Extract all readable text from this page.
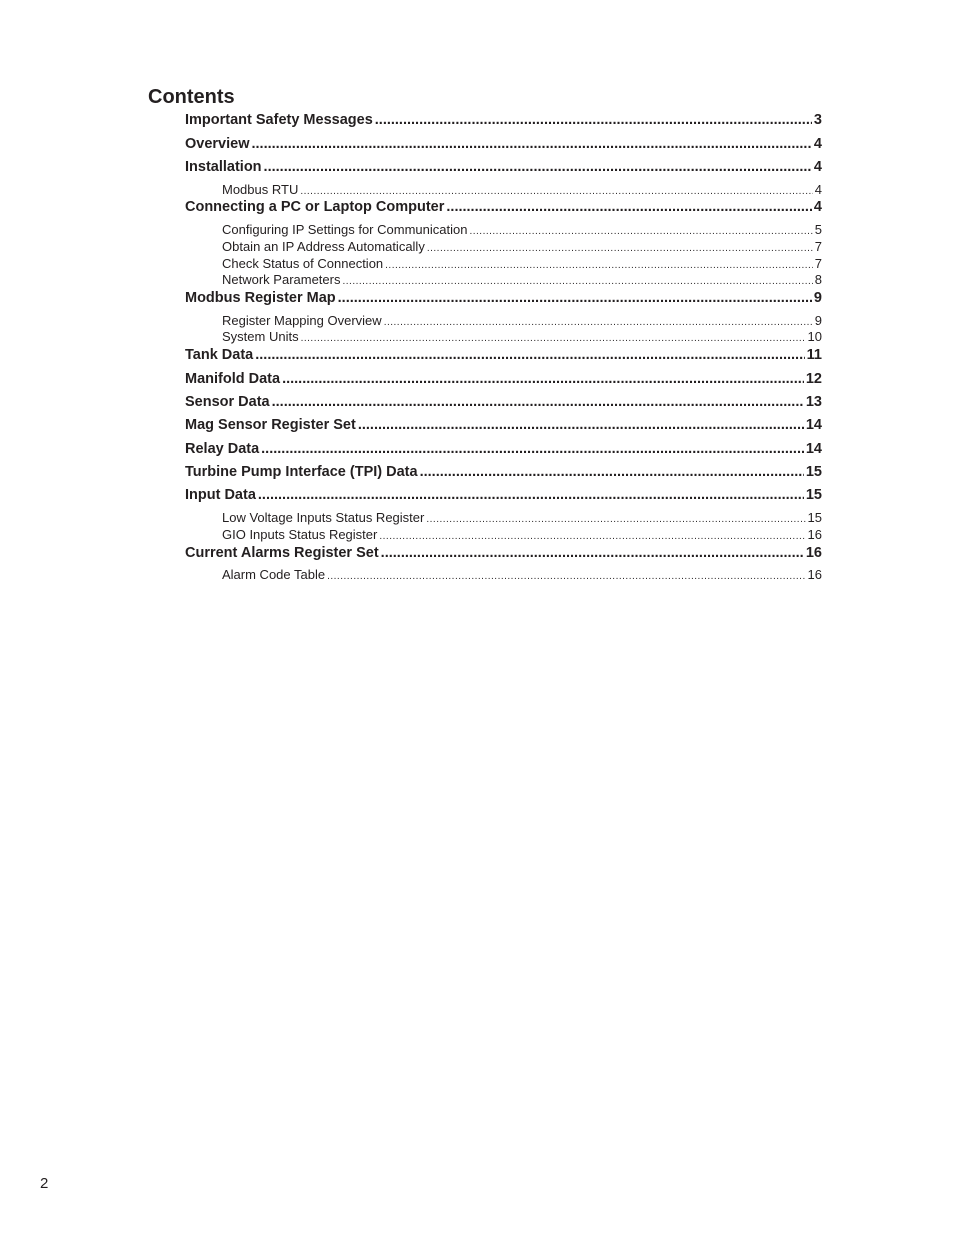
Contents
Important Safety Messages .....	3
Overview .....	4
Installation .....	4
Modbus RTU .....	4
Connecting a PC or Laptop Computer .....	4
Configuring IP Settings for Communication .....	5
Obtain an IP Address Automatically .....	7
Check Status of Connection .....	7
Network Parameters .....	8
Modbus Register Map .....	9
Register Mapping Overview .....	9
System Units .....	10
Tank Data .....	11
Manifold Data .....	12
Sensor Data .....	13
Mag Sensor Register Set .....	14
Relay Data .....	14
Turbine Pump Interface (TPI) Data .....	15
Input Data .....	15
Low Voltage Inputs Status Register .....	15
GIO Inputs Status Register .....	16
Current Alarms Register Set .....	16
Alarm Code Table .....	16
2
